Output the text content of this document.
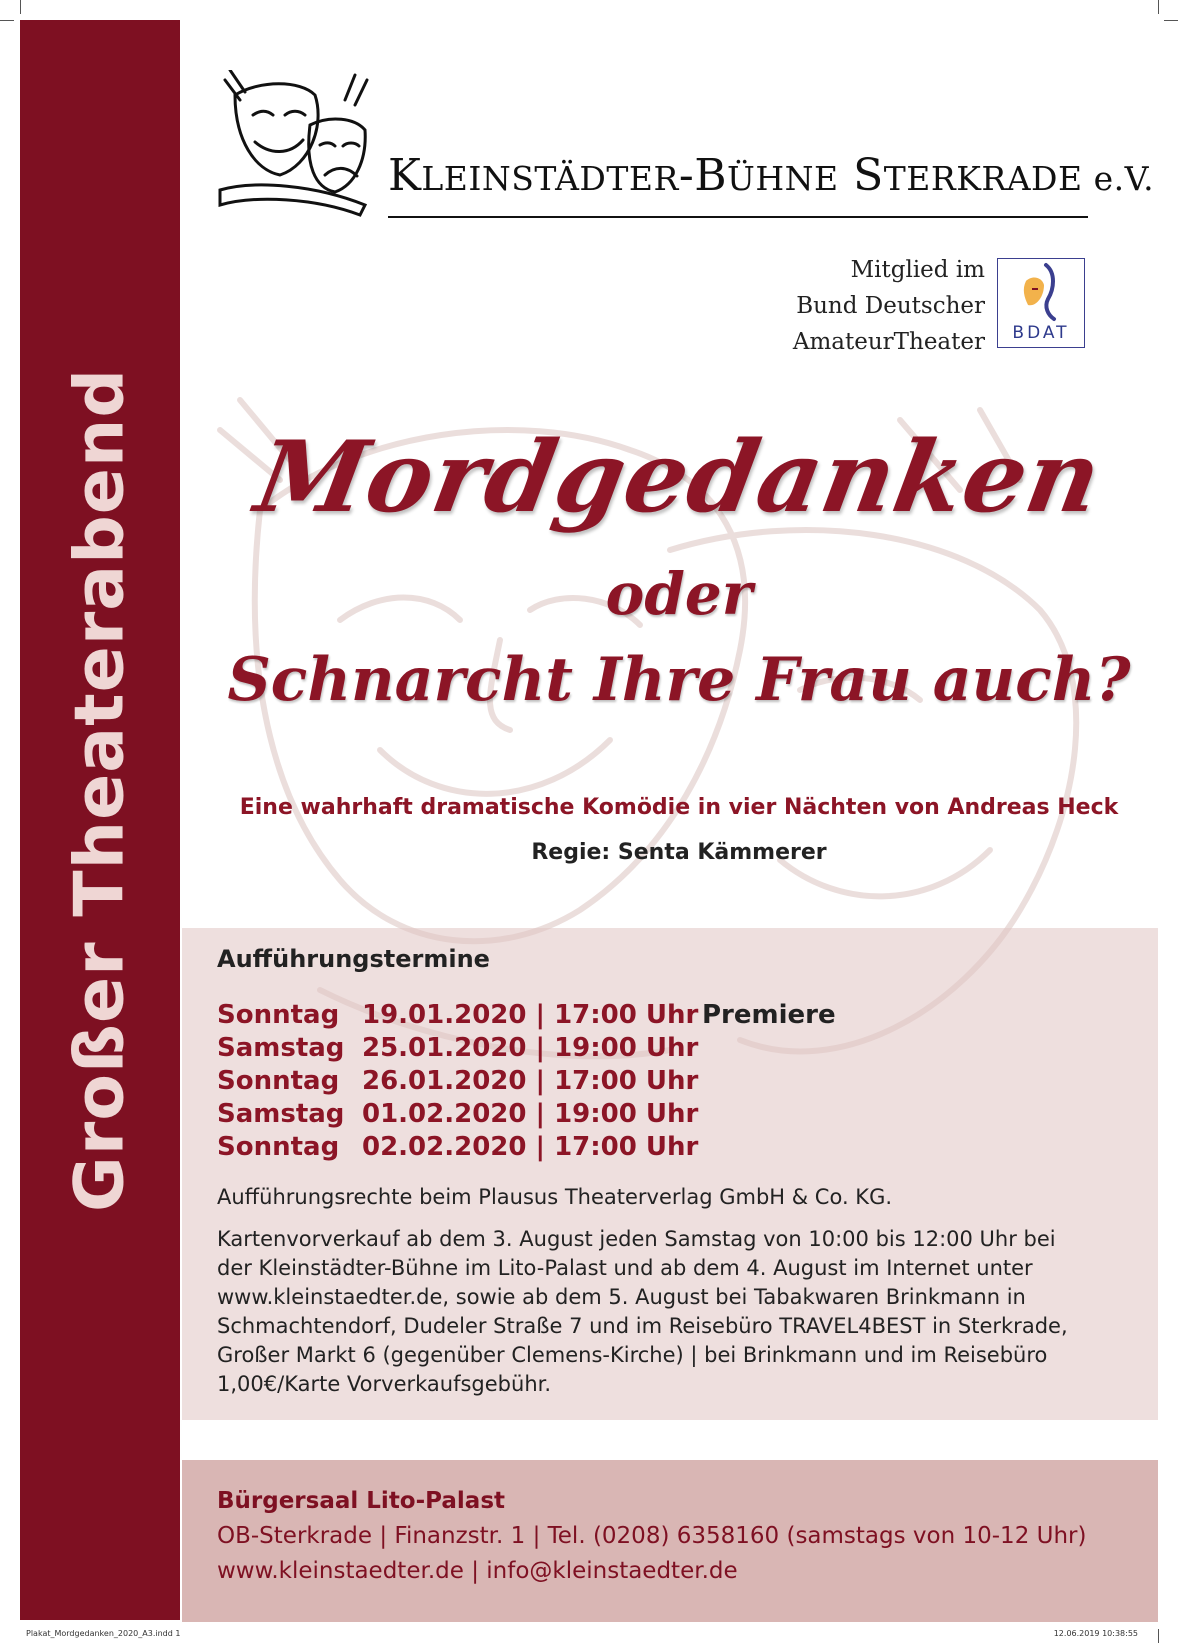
Großer Theaterabend
KLEINSTÄDTER-BÜHNE STERKRADE e.V.
Mitglied im
Bund Deutscher
AmateurTheater	BDAT
Mordgedanken
oder
Schnarcht Ihre Frau auch?
Eine wahrhaft dramatische Komödie in vier Nächten von Andreas Heck
Regie: Senta Kämmerer
Aufführungstermine
Sonntag 19.01.2020 | 17:00 Uhr Premiere
Samstag 25.01.2020 | 19:00 Uhr
Sonntag 26.01.2020 | 17:00 Uhr
Samstag 01.02.2020 | 19:00 Uhr
Sonntag 02.02.2020 | 17:00 Uhr
Aufführungsrechte beim Plausus Theaterverlag GmbH & Co. KG.
Kartenvorverkauf ab dem 3. August jeden Samstag von 10:00 bis 12:00 Uhr bei der Kleinstädter-Bühne im Lito-Palast und ab dem 4. August im Internet unter www.kleinstaedter.de, sowie ab dem 5. August bei Tabakwaren Brinkmann in Schmachtendorf, Dudeler Straße 7 und im Reisebüro TRAVEL4BEST in Sterkrade, Großer Markt 6 (gegenüber Clemens-Kirche) | bei Brinkmann und im Reisebüro 1,00€/Karte Vorverkaufsgebühr.
Bürgersaal Lito-Palast
OB-Sterkrade | Finanzstr. 1 | Tel. (0208) 6358160 (samstags von 10-12 Uhr)
www.kleinstaedter.de | info@kleinstaedter.de
Plakat_Mordgedanken_2020_A3.indd 1	12.06.2019 10:38:55
